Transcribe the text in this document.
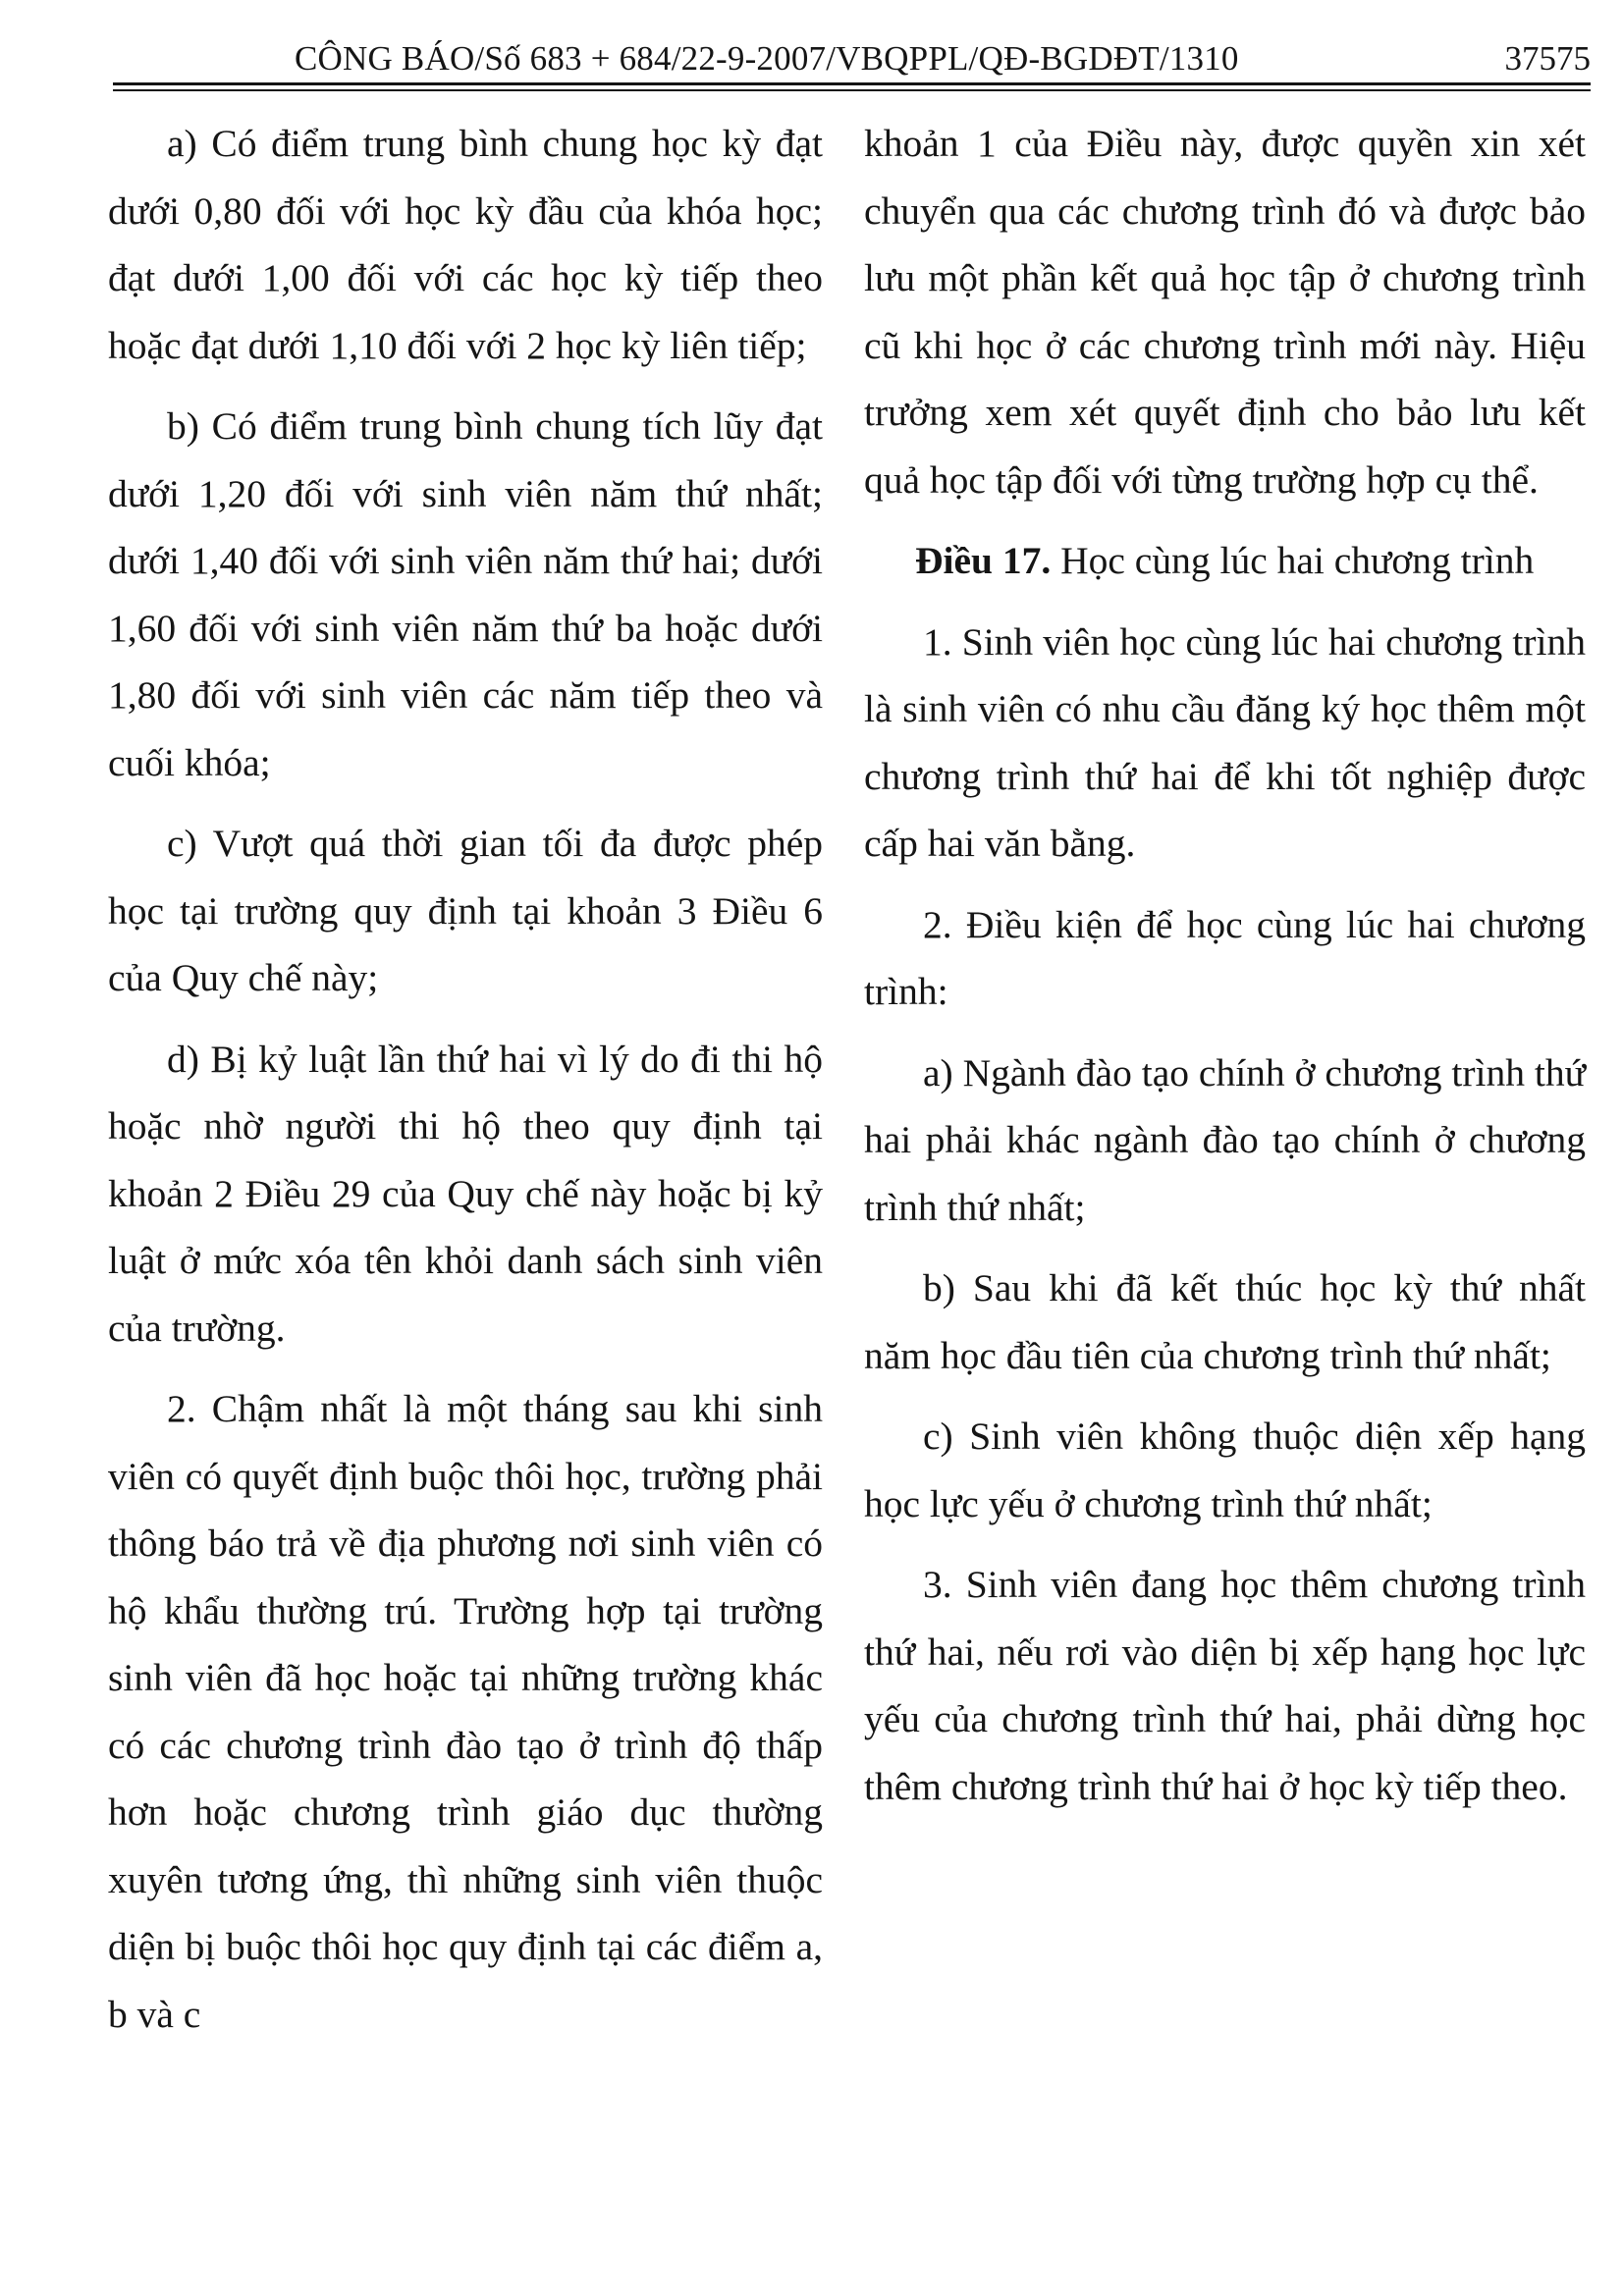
CÔNG BÁO/Số 683 + 684/22-9-2007/VBQPPL/QĐ-BGDĐT/1310	37575

a) Có điểm trung bình chung học kỳ đạt dưới 0,80 đối với học kỳ đầu của khóa học; đạt dưới 1,00 đối với các học kỳ tiếp theo hoặc đạt dưới 1,10 đối với 2 học kỳ liên tiếp;

b) Có điểm trung bình chung tích lũy đạt dưới 1,20 đối với sinh viên năm thứ nhất; dưới 1,40 đối với sinh viên năm thứ hai; dưới 1,60 đối với sinh viên năm thứ ba hoặc dưới 1,80 đối với sinh viên các năm tiếp theo và cuối khóa;

c) Vượt quá thời gian tối đa được phép học tại trường quy định tại khoản 3 Điều 6 của Quy chế này;

d) Bị kỷ luật lần thứ hai vì lý do đi thi hộ hoặc nhờ người thi hộ theo quy định tại khoản 2 Điều 29 của Quy chế này hoặc bị kỷ luật ở mức xóa tên khỏi danh sách sinh viên của trường.

2. Chậm nhất là một tháng sau khi sinh viên có quyết định buộc thôi học, trường phải thông báo trả về địa phương nơi sinh viên có hộ khẩu thường trú. Trường hợp tại trường sinh viên đã học hoặc tại những trường khác có các chương trình đào tạo ở trình độ thấp hơn hoặc chương trình giáo dục thường xuyên tương ứng, thì những sinh viên thuộc diện bị buộc thôi học quy định tại các điểm a, b và c

khoản 1 của Điều này, được quyền xin xét chuyển qua các chương trình đó và được bảo lưu một phần kết quả học tập ở chương trình cũ khi học ở các chương trình mới này. Hiệu trưởng xem xét quyết định cho bảo lưu kết quả học tập đối với từng trường hợp cụ thể.

Điều 17. Học cùng lúc hai chương trình

1. Sinh viên học cùng lúc hai chương trình là sinh viên có nhu cầu đăng ký học thêm một chương trình thứ hai để khi tốt nghiệp được cấp hai văn bằng.

2. Điều kiện để học cùng lúc hai chương trình:

a) Ngành đào tạo chính ở chương trình thứ hai phải khác ngành đào tạo chính ở chương trình thứ nhất;

b) Sau khi đã kết thúc học kỳ thứ nhất năm học đầu tiên của chương trình thứ nhất;

c) Sinh viên không thuộc diện xếp hạng học lực yếu ở chương trình thứ nhất;

3. Sinh viên đang học thêm chương trình thứ hai, nếu rơi vào diện bị xếp hạng học lực yếu của chương trình thứ hai, phải dừng học thêm chương trình thứ hai ở học kỳ tiếp theo.
